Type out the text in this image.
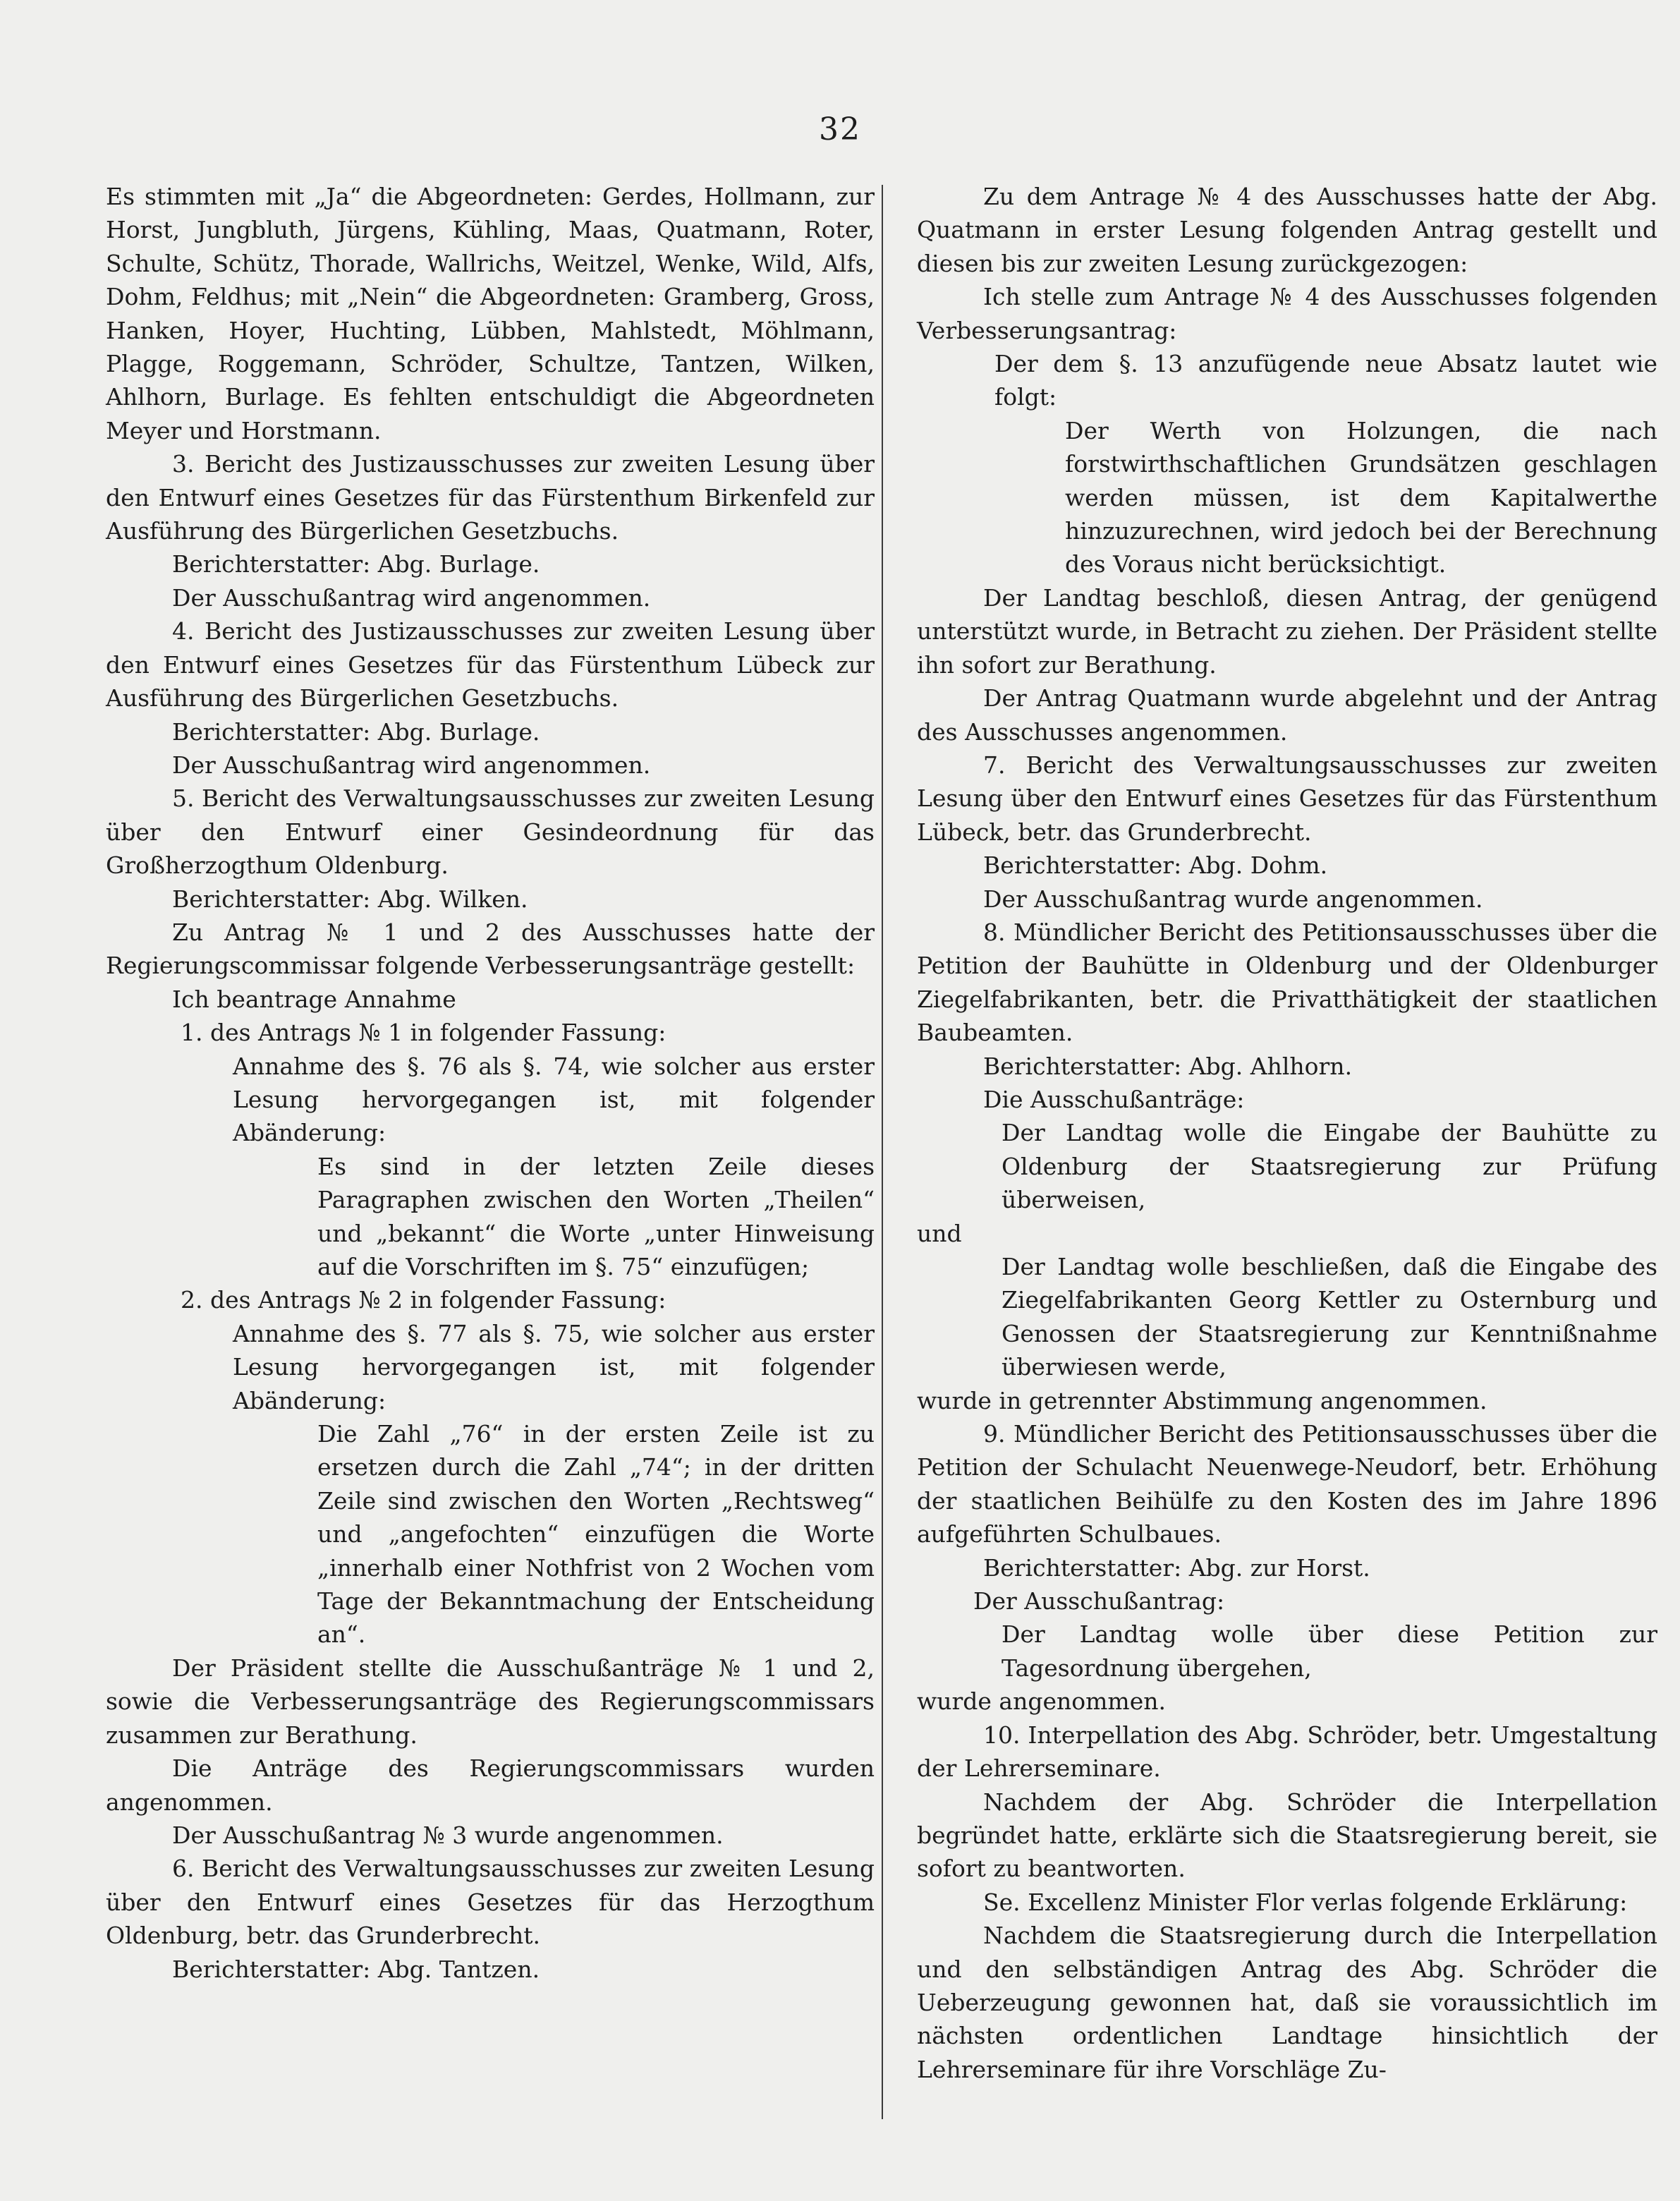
32

Es stimmten mit „Ja“ die Abgeordneten: Gerdes, Hollmann, zur Horst, Jungbluth, Jürgens, Kühling, Maas, Quatmann, Roter, Schulte, Schütz, Thorade, Wallrichs, Weitzel, Wenke, Wild, Alfs, Dohm, Feldhus; mit „Nein“ die Abgeordneten: Gramberg, Gross, Hanken, Hoyer, Huchting, Lübben, Mahlstedt, Möhlmann, Plagge, Roggemann, Schröder, Schultze, Tantzen, Wilken, Ahlhorn, Burlage. Es fehlten entschuldigt die Abgeordneten Meyer und Horstmann.

3. Bericht des Justizausschusses zur zweiten Lesung über den Entwurf eines Gesetzes für das Fürstenthum Birkenfeld zur Ausführung des Bürgerlichen Gesetzbuchs.

Berichterstatter: Abg. Burlage.

Der Ausschußantrag wird angenommen.

4. Bericht des Justizausschusses zur zweiten Lesung über den Entwurf eines Gesetzes für das Fürstenthum Lübeck zur Ausführung des Bürgerlichen Gesetzbuchs.

Berichterstatter: Abg. Burlage.

Der Ausschußantrag wird angenommen.

5. Bericht des Verwaltungsausschusses zur zweiten Lesung über den Entwurf einer Gesindeordnung für das Großherzogthum Oldenburg.

Berichterstatter: Abg. Wilken.

Zu Antrag № 1 und 2 des Ausschusses hatte der Regierungscommissar folgende Verbesserungsanträge gestellt:

Ich beantrage Annahme

1. des Antrags № 1 in folgender Fassung:

Annahme des §. 76 als §. 74, wie solcher aus erster Lesung hervorgegangen ist, mit folgender Abänderung:

Es sind in der letzten Zeile dieses Paragraphen zwischen den Worten „Theilen“ und „bekannt“ die Worte „unter Hinweisung auf die Vorschriften im §. 75“ einzufügen;

2. des Antrags № 2 in folgender Fassung:

Annahme des §. 77 als §. 75, wie solcher aus erster Lesung hervorgegangen ist, mit folgender Abänderung:

Die Zahl „76“ in der ersten Zeile ist zu ersetzen durch die Zahl „74“; in der dritten Zeile sind zwischen den Worten „Rechtsweg“ und „angefochten“ einzufügen die Worte „innerhalb einer Nothfrist von 2 Wochen vom Tage der Bekanntmachung der Entscheidung an“.

Der Präsident stellte die Ausschußanträge № 1 und 2, sowie die Verbesserungsanträge des Regierungscommissars zusammen zur Berathung.

Die Anträge des Regierungscommissars wurden angenommen.

Der Ausschußantrag № 3 wurde angenommen.

6. Bericht des Verwaltungsausschusses zur zweiten Lesung über den Entwurf eines Gesetzes für das Herzogthum Oldenburg, betr. das Grunderbrecht.

Berichterstatter: Abg. Tantzen.

Zu dem Antrage № 4 des Ausschusses hatte der Abg. Quatmann in erster Lesung folgenden Antrag gestellt und diesen bis zur zweiten Lesung zurückgezogen:

Ich stelle zum Antrage № 4 des Ausschusses folgenden Verbesserungsantrag:

Der dem §. 13 anzufügende neue Absatz lautet wie folgt:

Der Werth von Holzungen, die nach forstwirthschaftlichen Grundsätzen geschlagen werden müssen, ist dem Kapitalwerthe hinzuzurechnen, wird jedoch bei der Berechnung des Voraus nicht berücksichtigt.

Der Landtag beschloß, diesen Antrag, der genügend unterstützt wurde, in Betracht zu ziehen. Der Präsident stellte ihn sofort zur Berathung.

Der Antrag Quatmann wurde abgelehnt und der Antrag des Ausschusses angenommen.

7. Bericht des Verwaltungsausschusses zur zweiten Lesung über den Entwurf eines Gesetzes für das Fürstenthum Lübeck, betr. das Grunderbrecht.

Berichterstatter: Abg. Dohm.

Der Ausschußantrag wurde angenommen.

8. Mündlicher Bericht des Petitionsausschusses über die Petition der Bauhütte in Oldenburg und der Oldenburger Ziegelfabrikanten, betr. die Privatthätigkeit der staatlichen Baubeamten.

Berichterstatter: Abg. Ahlhorn.

Die Ausschußanträge:

Der Landtag wolle die Eingabe der Bauhütte zu Oldenburg der Staatsregierung zur Prüfung überweisen,

und

Der Landtag wolle beschließen, daß die Eingabe des Ziegelfabrikanten Georg Kettler zu Osternburg und Genossen der Staatsregierung zur Kenntnißnahme überwiesen werde,

wurde in getrennter Abstimmung angenommen.

9. Mündlicher Bericht des Petitionsausschusses über die Petition der Schulacht Neuenwege-Neudorf, betr. Erhöhung der staatlichen Beihülfe zu den Kosten des im Jahre 1896 aufgeführten Schulbaues.

Berichterstatter: Abg. zur Horst.

Der Ausschußantrag:

Der Landtag wolle über diese Petition zur Tagesordnung übergehen,

wurde angenommen.

10. Interpellation des Abg. Schröder, betr. Umgestaltung der Lehrerseminare.

Nachdem der Abg. Schröder die Interpellation begründet hatte, erklärte sich die Staatsregierung bereit, sie sofort zu beantworten.

Se. Excellenz Minister Flor verlas folgende Erklärung:

Nachdem die Staatsregierung durch die Interpellation und den selbständigen Antrag des Abg. Schröder die Ueberzeugung gewonnen hat, daß sie voraussichtlich im nächsten ordentlichen Landtage hinsichtlich der Lehrerseminare für ihre Vorschläge Zu-
